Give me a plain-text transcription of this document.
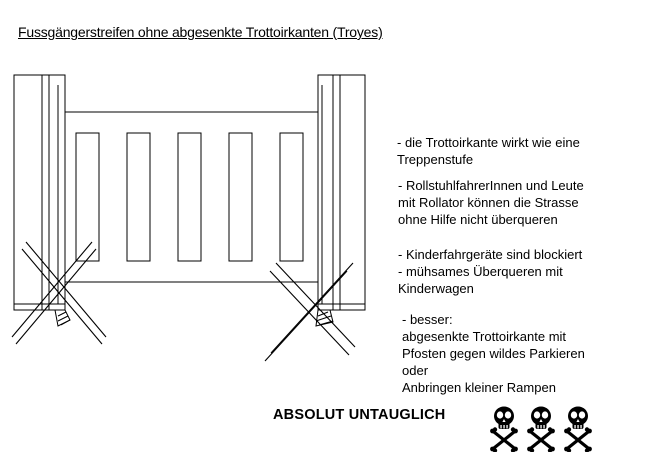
Fussgängerstreifen ohne abgesenkte Trottoirkanten (Troyes)
- die Trottoirkante wirkt wie eine
Treppenstufe
- RollstuhlfahrerInnen und Leute
mit Rollator können die Strasse
ohne Hilfe nicht überqueren
- Kinderfahrgeräte sind blockiert
- mühsames Überqueren mit
Kinderwagen
- besser:
abgesenkte Trottoirkante mit
Pfosten gegen wildes Parkieren
oder
Anbringen kleiner Rampen
ABSOLUT UNTAUGLICH
